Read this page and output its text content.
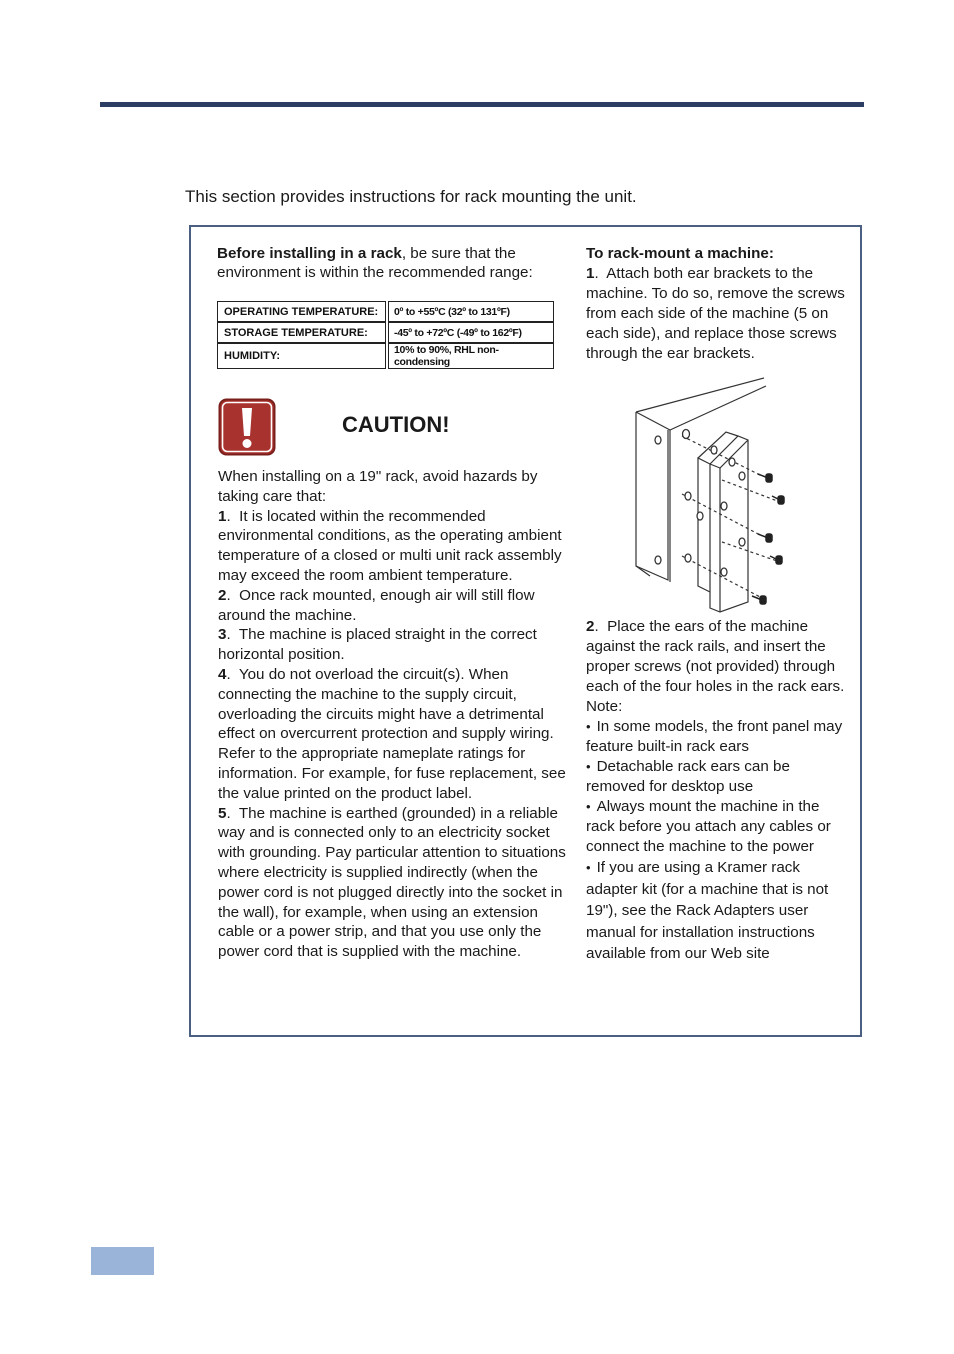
This section provides instructions for rack mounting the unit.

Before installing in a rack, be sure that the environment is within the recommended range:

OPERATING TEMPERATURE:		0º to +55ºC (32º to 131ºF)
STORAGE TEMPERATURE:		-45º to +72ºC (-49º to 162ºF)
HUMIDITY:		10% to 90%, RHL non-condensing
CAUTION!

When installing on a 19" rack, avoid hazards by taking care that:

1.  It is located within the recommended environmental conditions, as the operating ambient temperature of a closed or multi unit rack assembly may exceed the room ambient temperature.

2.  Once rack mounted, enough air will still flow around the machine.

3.  The machine is placed straight in the correct horizontal position.

4.  You do not overload the circuit(s). When connecting the machine to the supply circuit, overloading the circuits might have a detrimental effect on overcurrent protection and supply wiring. Refer to the appropriate nameplate ratings for information. For example, for fuse replacement, see the value printed on the product label.

5.  The machine is earthed (grounded) in a reliable way and is connected only to an electricity socket with grounding. Pay particular attention to situations where electricity is supplied indirectly (when the power cord is not plugged directly into the socket in the wall), for example, when using an extension cable or a power strip, and that you use only the power cord that is supplied with the machine.

To rack-mount a machine:

1.  Attach both ear brackets to the machine. To do so, remove the screws from each side of the machine (5 on each side), and replace those screws through the ear brackets.

2.  Place the ears of the machine against the rack rails, and insert the proper screws (not provided) through each of the four holes in the rack ears.

Note:

• In some models, the front panel may feature built-in rack ears

• Detachable rack ears can be removed for desktop use

• Always mount the machine in the rack before you attach any cables or connect the machine to the power

• If you are using a Kramer rack adapter kit (for a machine that is not 19"), see the Rack Adapters user manual for installation instructions available from our Web site
